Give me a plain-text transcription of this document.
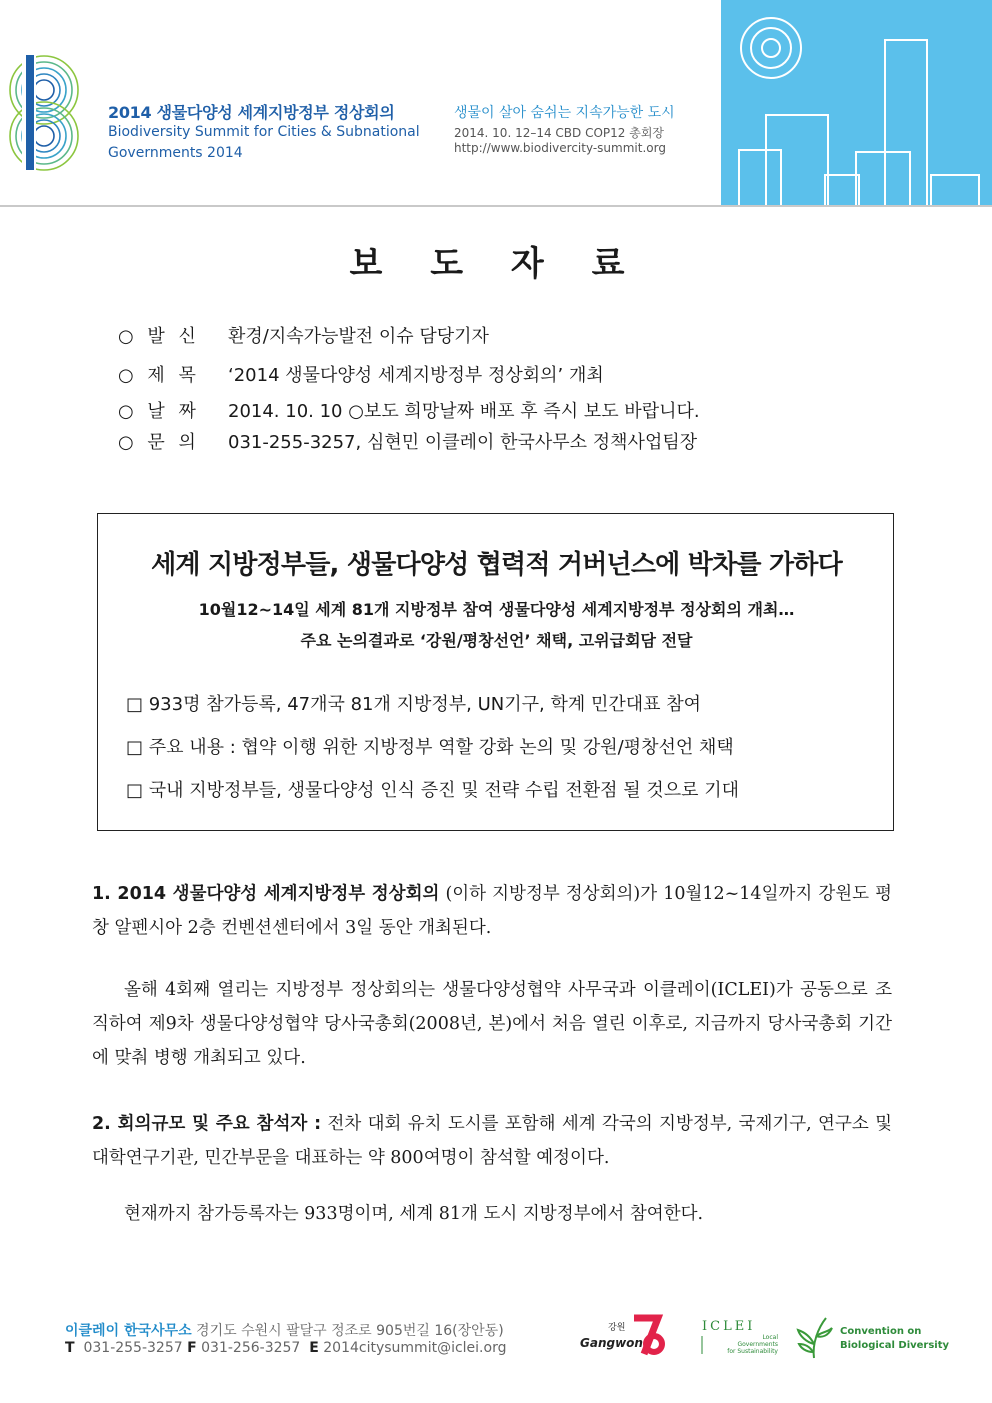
2014 생물다양성 세계지방정부 정상회의
Biodiversity Summit for Cities & Subnational
Governments 2014
생물이 살아 숨쉬는 지속가능한 도시
2014. 10. 12–14 CBD COP12 총회장
http://www.biodivercity-summit.org
보 도 자 료
○ 발 신 환경/지속가능발전 이슈 담당기자
○ 제 목 ‘2014 생물다양성 세계지방정부 정상회의’ 개최
○ 날 짜 2014. 10. 10 ○보도 희망날짜 배포 후 즉시 보도 바랍니다.
○ 문 의 031-255-3257, 심현민 이클레이 한국사무소 정책사업팀장
세계 지방정부들, 생물다양성 협력적 거버넌스에 박차를 가하다
10월12~14일 세계 81개 지방정부 참여 생물다양성 세계지방정부 정상회의 개최…
주요 논의결과로 ‘강원/평창선언’ 채택, 고위급회담 전달
□ 933명 참가등록, 47개국 81개 지방정부, UN기구, 학계 민간대표 참여
□ 주요 내용 : 협약 이행 위한 지방정부 역할 강화 논의 및 강원/평창선언 채택
□ 국내 지방정부들, 생물다양성 인식 증진 및 전략 수립 전환점 될 것으로 기대
1. 2014 생물다양성 세계지방정부 정상회의 (이하 지방정부 정상회의)가 10월12~14일까지 강원도 평창 알펜시아 2층 컨벤션센터에서 3일 동안 개최된다.
올해 4회째 열리는 지방정부 정상회의는 생물다양성협약 사무국과 이클레이(ICLEI)가 공동으로 조직하여 제9차 생물다양성협약 당사국총회(2008년, 본)에서 처음 열린 이후로, 지금까지 당사국총회 기간에 맞춰 병행 개최되고 있다.
2. 회의규모 및 주요 참석자 : 전차 대회 유치 도시를 포함해 세계 각국의 지방정부, 국제기구, 연구소 및 대학연구기관, 민간부문을 대표하는 약 800여명이 참석할 예정이다.
현재까지 참가등록자는 933명이며, 세계 81개 도시 지방정부에서 참여한다.
이클레이 한국사무소 경기도 수원시 팔달구 정조로 905번길 16(장안동)
T 031-255-3257 F 031-256-3257 E 2014citysummit@iclei.org
강원
Gangwon
ICLEI
Local
Governments
for Sustainability
Convention on
Biological Diversity
